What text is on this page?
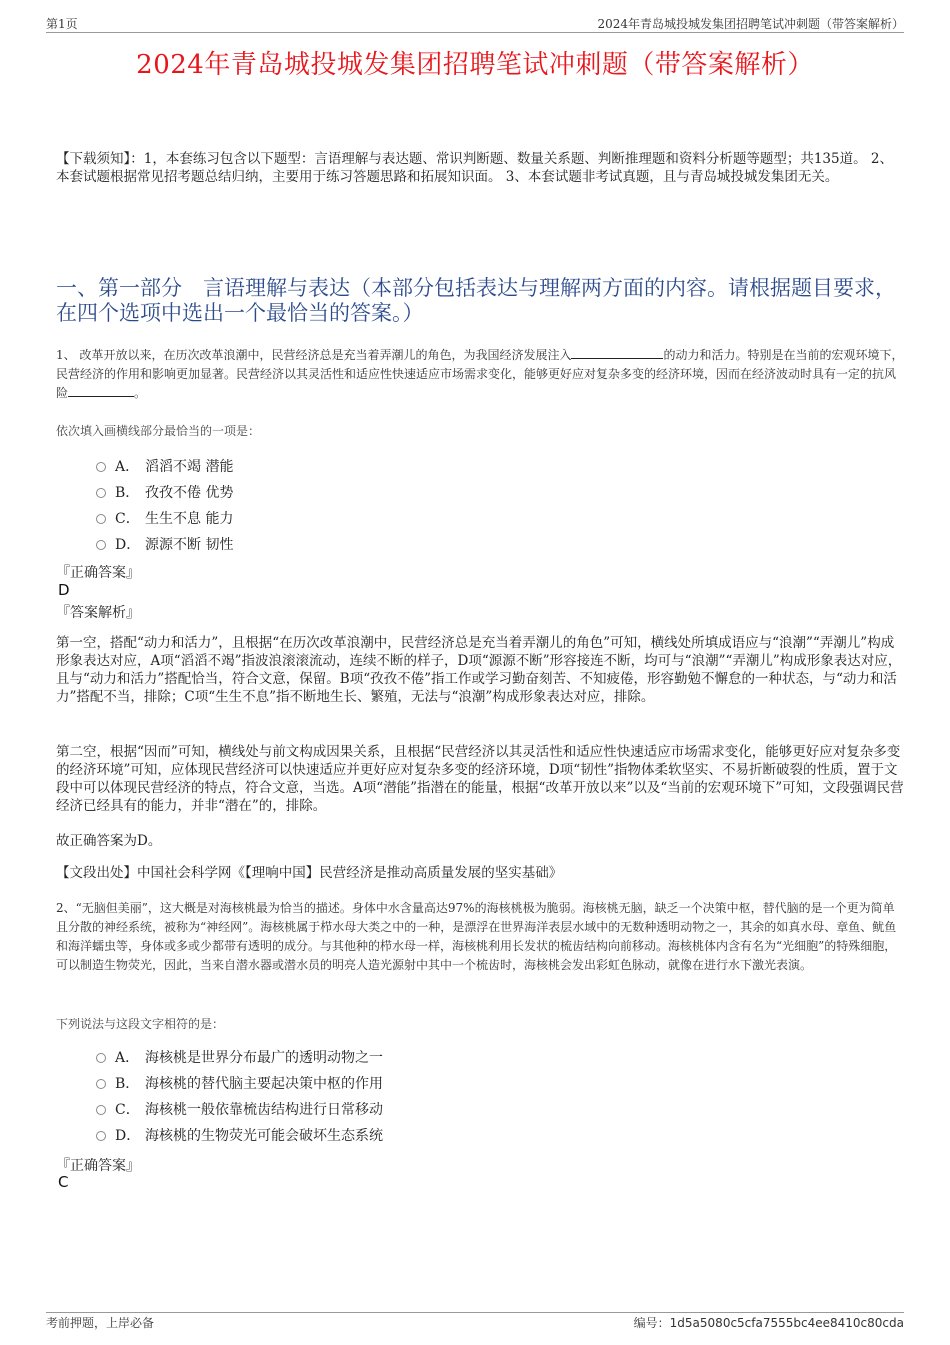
第1页	2024年青岛城投城发集团招聘笔试冲刺题（带答案解析）
2024年青岛城投城发集团招聘笔试冲刺题（带答案解析）
【下载须知】：1，本套练习包含以下题型：言语理解与表达题、常识判断题、数量关系题、判断推理题和资料分析题等题型；共135道。 2、本套试题根据常见招考题总结归纳，主要用于练习答题思路和拓展知识面。 3、本套试题非考试真题，且与青岛城投城发集团无关。
一、第一部分　言语理解与表达（本部分包括表达与理解两方面的内容。请根据题目要求，在四个选项中选出一个最恰当的答案。）
1、 改革开放以来，在历次改革浪潮中，民营经济总是充当着弄潮儿的角色，为我国经济发展注入	的动力和活力。特别是在当前的宏观环境下，民营经济的作用和影响更加显著。民营经济以其灵活性和适应性快速适应市场需求变化，能够更好应对复杂多变的经济环境，因而在经济波动时具有一定的抗风险	。
依次填入画横线部分最恰当的一项是：
A． 滔滔不竭 潜能
B． 孜孜不倦 优势
C． 生生不息 能力
D． 源源不断 韧性
『正确答案』
D
『答案解析』
第一空，搭配“动力和活力”，且根据“在历次改革浪潮中，民营经济总是充当着弄潮儿的角色”可知，横线处所填成语应与“浪潮”“弄潮儿”构成形象表达对应，A项“滔滔不竭”指波浪滚滚流动，连续不断的样子，D项“源源不断”形容接连不断，均可与“浪潮”“弄潮儿”构成形象表达对应，且与“动力和活力”搭配恰当，符合文意，保留。B项“孜孜不倦”指工作或学习勤奋刻苦、不知疲倦，形容勤勉不懈怠的一种状态，与“动力和活力”搭配不当，排除；C项“生生不息”指不断地生长、繁殖，无法与“浪潮”构成形象表达对应，排除。
第二空，根据“因而”可知，横线处与前文构成因果关系，且根据“民营经济以其灵活性和适应性快速适应市场需求变化，能够更好应对复杂多变的经济环境”可知，应体现民营经济可以快速适应并更好应对复杂多变的经济环境，D项“韧性”指物体柔软坚实、不易折断破裂的性质，置于文段中可以体现民营经济的特点，符合文意，当选。A项“潜能”指潜在的能量，根据“改革开放以来”以及“当前的宏观环境下”可知，文段强调民营经济已经具有的能力，并非“潜在”的，排除。
故正确答案为D。
【文段出处】中国社会科学网《【理响中国】民营经济是推动高质量发展的坚实基础》
2、“无脑但美丽”，这大概是对海核桃最为恰当的描述。身体中水含量高达97%的海核桃极为脆弱。海核桃无脑，缺乏一个决策中枢，替代脑的是一个更为简单且分散的神经系统，被称为“神经网”。海核桃属于栉水母大类之中的一种，是漂浮在世界海洋表层水域中的无数种透明动物之一，其余的如真水母、章鱼、鱿鱼和海洋蠕虫等，身体或多或少都带有透明的成分。与其他种的栉水母一样，海核桃利用长发状的梳齿结构向前移动。海核桃体内含有名为“光细胞”的特殊细胞，可以制造生物荧光，因此，当来自潜水器或潜水员的明亮人造光源射中其中一个梳齿时，海核桃会发出彩虹色脉动，就像在进行水下激光表演。
下列说法与这段文字相符的是：
A． 海核桃是世界分布最广的透明动物之一
B． 海核桃的替代脑主要起决策中枢的作用
C． 海核桃一般依靠梳齿结构进行日常移动
D． 海核桃的生物荧光可能会破坏生态系统
『正确答案』
C
考前押题，上岸必备	编号：1d5a5080c5cfa7555bc4ee8410c80cda
